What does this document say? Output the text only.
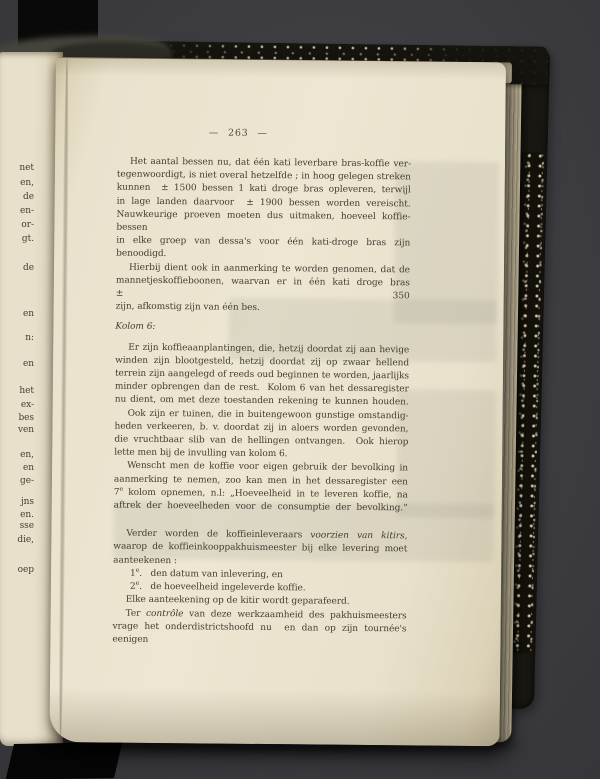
net
en,
de
en-
or-
gt.
de
en
n:
en
het
ex-
bes
ven
en,
en
ge-
jns
en.
sse
die,
oep
— 263 —
Het aantal bessen nu, dat één kati leverbare bras-koffie ver-
tegenwoordigt, is niet overal hetzelfde ; in hoog gelegen streken
kunnen  ± 1500 bessen 1 kati droge bras opleveren, terwijl
in lage landen daarvoor  ± 1900 bessen worden vereischt.
Nauwkeurige proeven moeten dus uitmaken, hoeveel koffie-bessen
in elke groep van dessa's voor één kati-droge bras zijn benoodigd.
Hierbij dient ook in aanmerking te worden genomen, dat de
mannetjeskoffieboonen, waarvan er in één kati droge bras ± 350
zijn, afkomstig zijn van één bes.
Kolom 6:
Er zijn koffieaanplantingen, die, hetzij doordat zij aan hevige
winden zijn blootgesteld, hetzij doordat zij op zwaar hellend
terrein zijn aangelegd of reeds oud beginnen te worden, jaarlijks
minder opbrengen dan de rest.  Kolom 6 van het dessaregister
nu dient, om met deze toestanden rekening te kunnen houden.
Ook zijn er tuinen, die in buitengewoon gunstige omstandig-
heden verkeeren, b. v. doordat zij in aloers worden gevonden,
die vruchtbaar slib van de hellingen ontvangen.  Ook hierop
lette men bij de invulling van kolom 6.
Wenscht men de koffie voor eigen gebruik der bevolking in
aanmerking te nemen, zoo kan men in het dessaregister een
7e kolom opnemen, n.l: „Hoeveelheid in te leveren koffie, na
aftrek der hoeveelheden voor de consumptie der bevolking.”
Verder worden de koffieinleveraars voorzien van kitirs,
waarop de koffieinkooppakhuismeester bij elke levering moet
aanteekenen :
1e.   den datum van inlevering, en
2e.   de hoeveelheid ingeleverde koffie.
Elke aanteekening op de kitir wordt geparafeerd.
Ter contrôle van deze werkzaamheid des pakhuismeesters
vrage het onderdistrictshoofd nu  en dan op zijn tournée's eenigen
